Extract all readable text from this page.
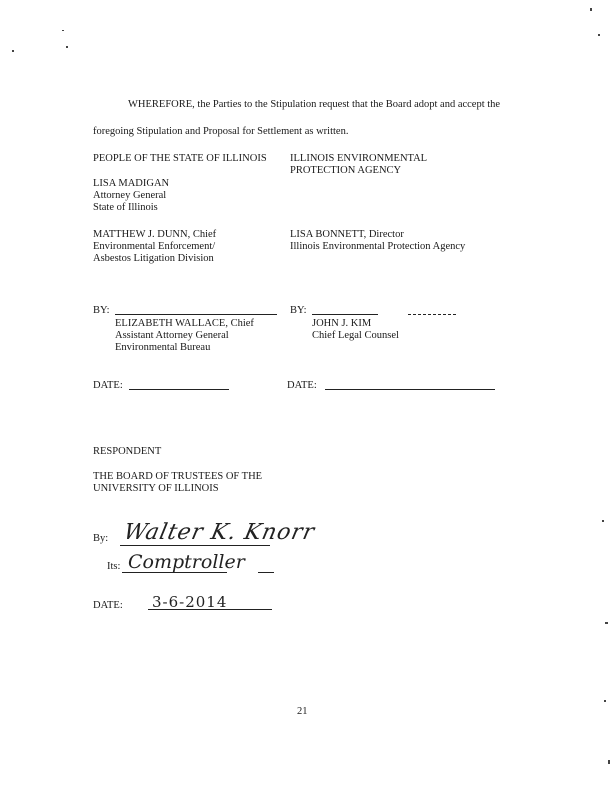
WHEREFORE, the Parties to the Stipulation request that the Board adopt and accept the
foregoing Stipulation and Proposal for Settlement as written.
PEOPLE OF THE STATE OF ILLINOIS
LISA MADIGAN
Attorney General
State of Illinois
MATTHEW J. DUNN, Chief
Environmental Enforcement/
Asbestos Litigation Division
BY:
ELIZABETH WALLACE, Chief
Assistant Attorney General
Environmental Bureau
DATE:
ILLINOIS ENVIRONMENTAL
PROTECTION AGENCY
LISA BONNETT, Director
Illinois Environmental Protection Agency
BY:
JOHN J. KIM
Chief Legal Counsel
DATE:
RESPONDENT
THE BOARD OF TRUSTEES OF THE
UNIVERSITY OF ILLINOIS
By: Walter K. Knorr
Its: Comptroller
DATE: 3-6-2014
21
